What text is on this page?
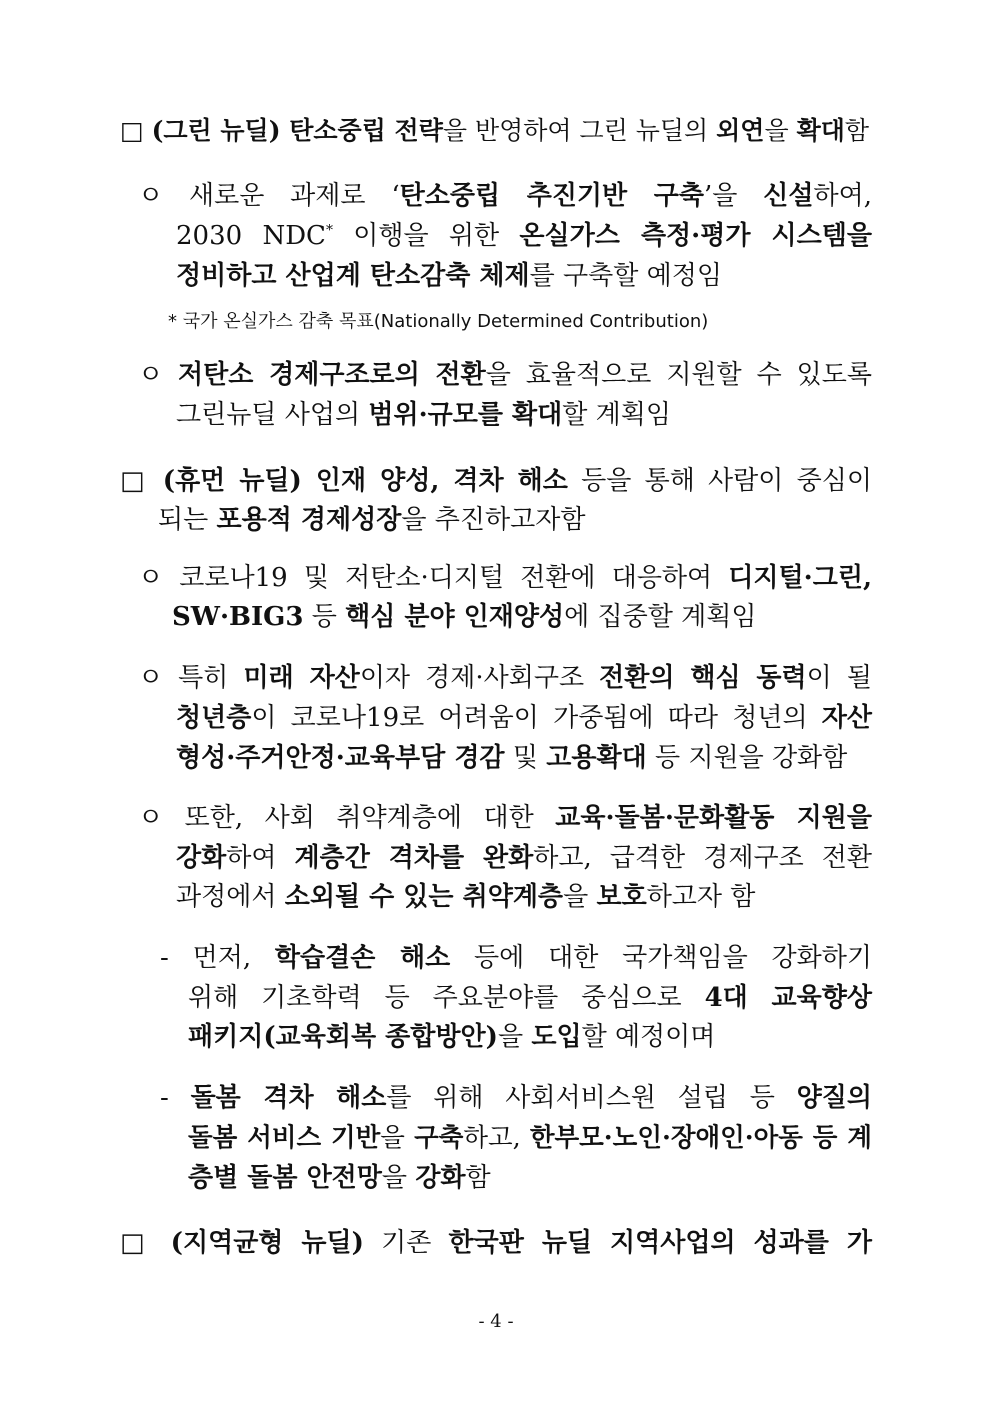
□ (그린 뉴딜) 탄소중립 전략을 반영하여 그린 뉴딜의 외연을 확대함
ㅇ 새로운 과제로 ‘탄소중립 추진기반 구축’을 신설하여,
2030 NDC* 이행을 위한 온실가스 측정·평가 시스템을
정비하고 산업계 탄소감축 체제를 구축할 예정임
* 국가 온실가스 감축 목표(Nationally Determined Contribution)
ㅇ 저탄소 경제구조로의 전환을 효율적으로 지원할 수 있도록
그린뉴딜 사업의 범위·규모를 확대할 계획임
□ (휴먼 뉴딜) 인재 양성, 격차 해소 등을 통해 사람이 중심이
되는 포용적 경제성장을 추진하고자함
ㅇ 코로나19 및 저탄소·디지털 전환에 대응하여 디지털·그린,
SW·BIG3 등 핵심 분야 인재양성에 집중할 계획임
ㅇ 특히 미래 자산이자 경제·사회구조 전환의 핵심 동력이 될
청년층이 코로나19로 어려움이 가중됨에 따라 청년의 자산
형성·주거안정·교육부담 경감 및 고용확대 등 지원을 강화함
ㅇ 또한, 사회 취약계층에 대한 교육·돌봄·문화활동 지원을
강화하여 계층간 격차를 완화하고, 급격한 경제구조 전환
과정에서 소외될 수 있는 취약계층을 보호하고자 함
- 먼저, 학습결손 해소 등에 대한 국가책임을 강화하기
위해 기초학력 등 주요분야를 중심으로 4대 교육향상
패키지(교육회복 종합방안)을 도입할 예정이며
- 돌봄 격차 해소를 위해 사회서비스원 설립 등 양질의
돌봄 서비스 기반을 구축하고, 한부모·노인·장애인·아동 등 계
층별 돌봄 안전망을 강화함
□ (지역균형 뉴딜) 기존 한국판 뉴딜 지역사업의 성과를 가
- 4 -
